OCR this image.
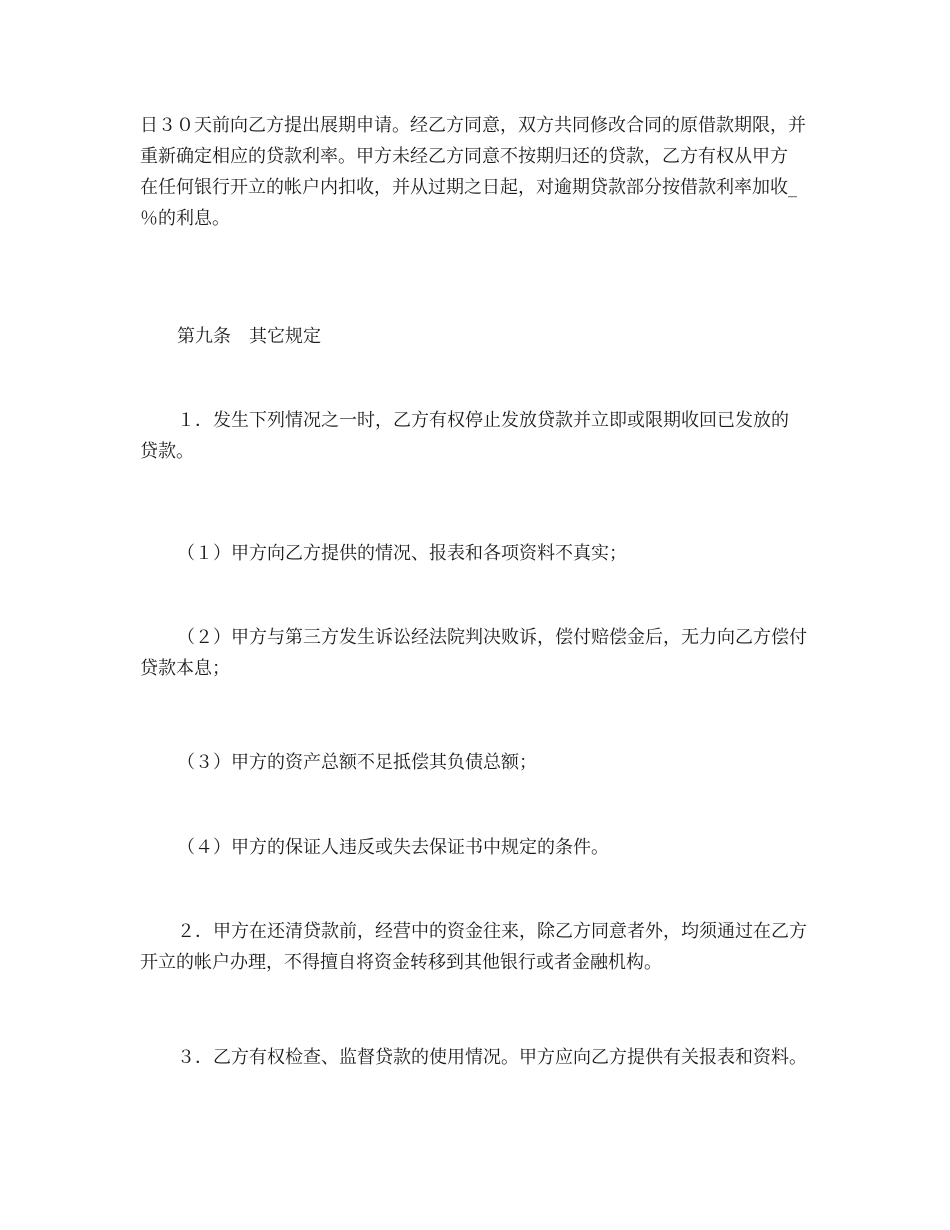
日３０天前向乙方提出展期申请。经乙方同意，双方共同修改合同的原借款期限，并
重新确定相应的贷款利率。甲方未经乙方同意不按期归还的贷款，乙方有权从甲方
在任何银行开立的帐户内扣收，并从过期之日起，对逾期贷款部分按借款利率加收_
％的利息。

第九条　其它规定

１．发生下列情况之一时，乙方有权停止发放贷款并立即或限期收回已发放的
贷款。

（１）甲方向乙方提供的情况、报表和各项资料不真实；

（２）甲方与第三方发生诉讼经法院判决败诉，偿付赔偿金后，无力向乙方偿付
贷款本息；

（３）甲方的资产总额不足抵偿其负债总额；

（４）甲方的保证人违反或失去保证书中规定的条件。

２．甲方在还清贷款前，经营中的资金往来，除乙方同意者外，均须通过在乙方
开立的帐户办理，不得擅自将资金转移到其他银行或者金融机构。

３．乙方有权检查、监督贷款的使用情况。甲方应向乙方提供有关报表和资料。
